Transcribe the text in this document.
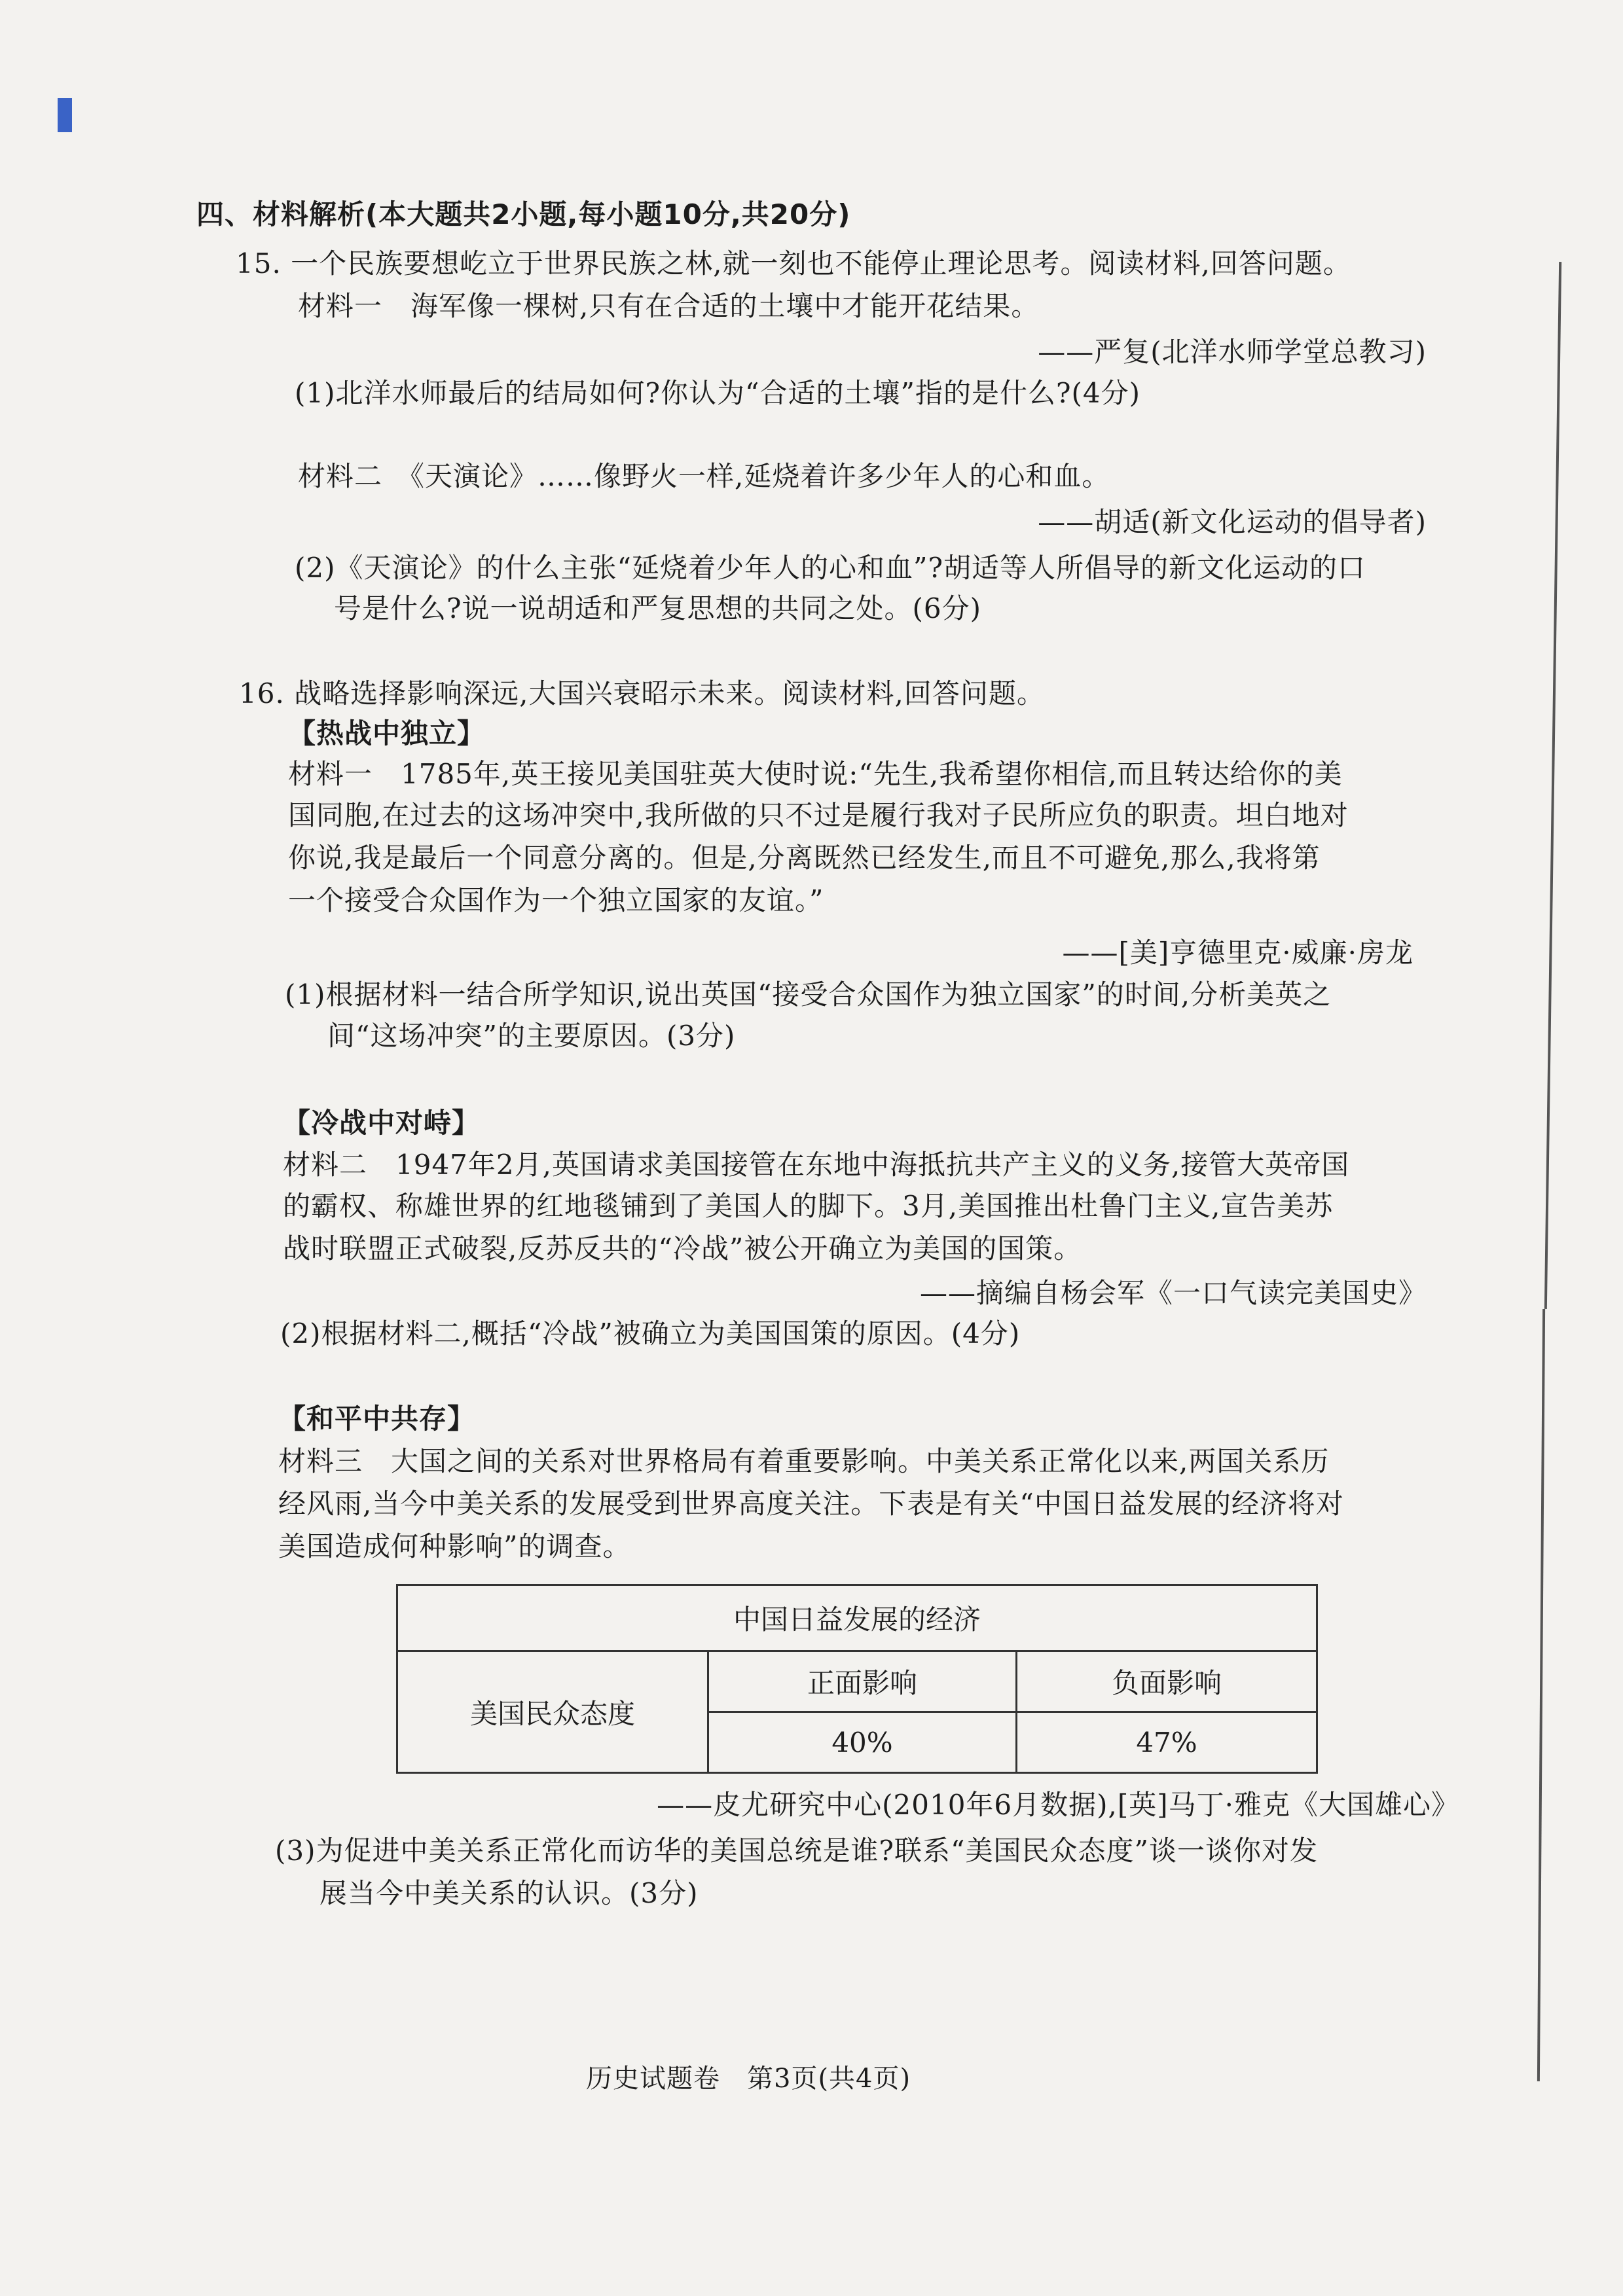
四、材料解析(本大题共2小题,每小题10分,共20分)
15. 一个民族要想屹立于世界民族之林,就一刻也不能停止理论思考。阅读材料,回答问题。
材料一　海军像一棵树,只有在合适的土壤中才能开花结果。
——严复(北洋水师学堂总教习)
(1)北洋水师最后的结局如何?你认为“合适的土壤”指的是什么?(4分)
材料二　《天演论》……像野火一样,延烧着许多少年人的心和血。
——胡适(新文化运动的倡导者)
(2)《天演论》的什么主张“延烧着少年人的心和血”?胡适等人所倡导的新文化运动的口
号是什么?说一说胡适和严复思想的共同之处。(6分)
16. 战略选择影响深远,大国兴衰昭示未来。阅读材料,回答问题。
【热战中独立】
材料一　1785年,英王接见美国驻英大使时说:“先生,我希望你相信,而且转达给你的美
国同胞,在过去的这场冲突中,我所做的只不过是履行我对子民所应负的职责。坦白地对
你说,我是最后一个同意分离的。但是,分离既然已经发生,而且不可避免,那么,我将第
一个接受合众国作为一个独立国家的友谊。”
——[美]亨德里克·威廉·房龙
(1)根据材料一结合所学知识,说出英国“接受合众国作为独立国家”的时间,分析美英之
间“这场冲突”的主要原因。(3分)
【冷战中对峙】
材料二　1947年2月,英国请求美国接管在东地中海抵抗共产主义的义务,接管大英帝国
的霸权、称雄世界的红地毯铺到了美国人的脚下。3月,美国推出杜鲁门主义,宣告美苏
战时联盟正式破裂,反苏反共的“冷战”被公开确立为美国的国策。
——摘编自杨会军《一口气读完美国史》
(2)根据材料二,概括“冷战”被确立为美国国策的原因。(4分)
【和平中共存】
材料三　大国之间的关系对世界格局有着重要影响。中美关系正常化以来,两国关系历
经风雨,当今中美关系的发展受到世界高度关注。下表是有关“中国日益发展的经济将对
美国造成何种影响”的调查。
中国日益发展的经济		
美国民众态度	正面影响	负面影响
	40%	47%
——皮尤研究中心(2010年6月数据),[英]马丁·雅克《大国雄心》
(3)为促进中美关系正常化而访华的美国总统是谁?联系“美国民众态度”谈一谈你对发
展当今中美关系的认识。(3分)
历史试题卷　第3页(共4页)
